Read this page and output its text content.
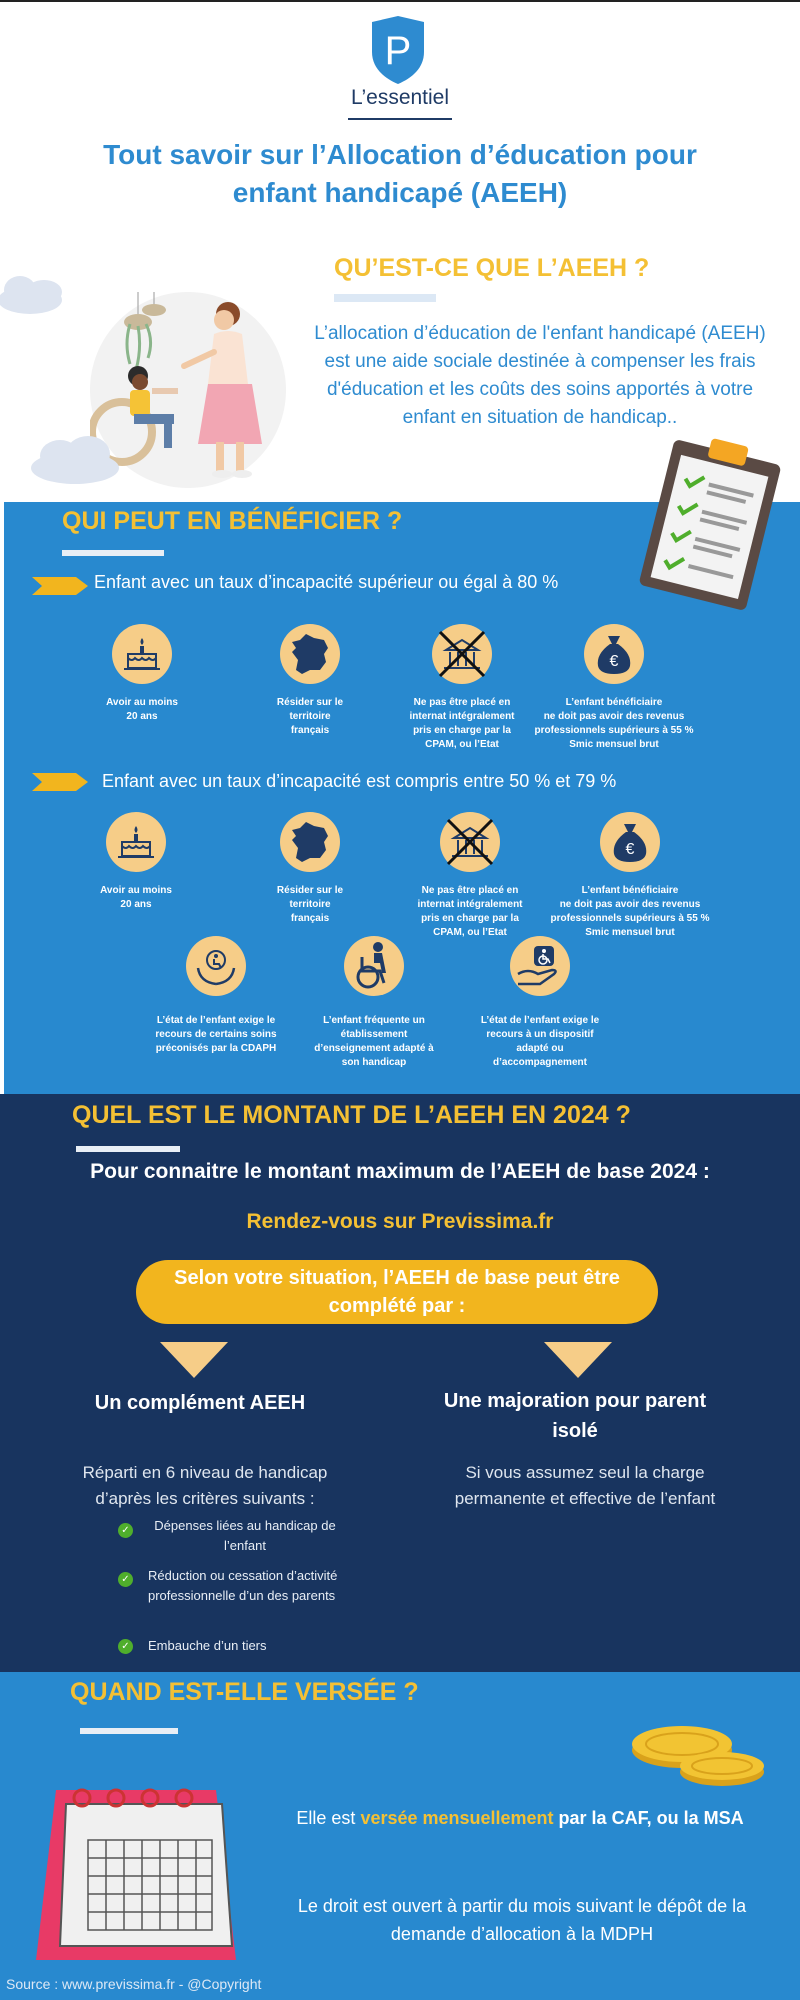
P
L’essentiel
Tout savoir sur l’Allocation d’éducation pour enfant handicapé (AEEH)
QU’EST-CE QUE L’AEEH ?
L’allocation d’éducation de l'enfant handicapé (AEEH) est une aide sociale destinée à compenser les frais d'éducation et les coûts des soins apportés à votre enfant en situation de handicap..
QUI PEUT EN BÉNÉFICIER ?
Enfant avec un taux d’incapacité supérieur ou égal à 80 %
Avoir au moins
20 ans
Résider sur le
territoire
français
Ne pas être placé en
internat intégralement
pris en charge par la
CPAM, ou l’Etat
€
L’enfant bénéficiaire
ne doit pas avoir des revenus
professionnels supérieurs à 55 %
Smic mensuel brut
Enfant avec un taux d’incapacité est compris entre 50 % et 79 %
Avoir au moins
20 ans
Résider sur le
territoire
français
Ne pas être placé en
internat intégralement
pris en charge par la
CPAM, ou l’Etat
€
L’enfant bénéficiaire
ne doit pas avoir des revenus
professionnels supérieurs à 55 %
Smic mensuel brut
L’état de l’enfant exige le
recours de certains soins
préconisés par la CDAPH
L’enfant fréquente un
établissement
d’enseignement adapté à
son handicap
L’état de l’enfant exige le
recours à un dispositif
adapté ou
d’accompagnement
QUEL EST LE MONTANT DE L’AEEH EN 2024 ?
Pour connaitre le montant maximum de l’AEEH de base 2024 :
Rendez-vous sur Previssima.fr
Selon votre situation, l’AEEH de base peut être complété par :
Un complément AEEH	Une majoration pour parent isolé
Réparti en 6 niveau de handicap d’après les critères suivants :
Si vous assumez seul la charge permanente et effective de l’enfant
✓	Dépenses liées au handicap de l’enfant
✓ Réduction ou cessation d’activité professionnelle d’un des parents
✓ Embauche d’un tiers
QUAND EST-ELLE VERSÉE ?
Elle est versée mensuellement par la CAF, ou la MSA
Le droit est ouvert à partir du mois suivant le dépôt de la demande d’allocation à la MDPH
Source : www.previssima.fr - @Copyright
